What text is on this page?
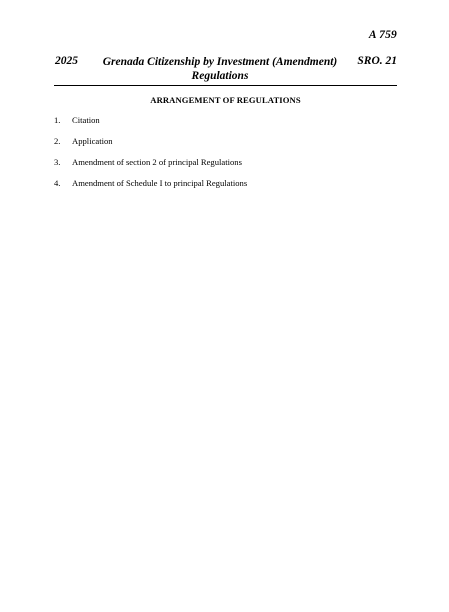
A 759
2025	Grenada Citizenship by Investment (Amendment)
Regulations
SRO. 21
ARRANGEMENT OF REGULATIONS
1. Citation
2. Application
3. Amendment of section 2 of principal Regulations
4. Amendment of Schedule I to principal Regulations
